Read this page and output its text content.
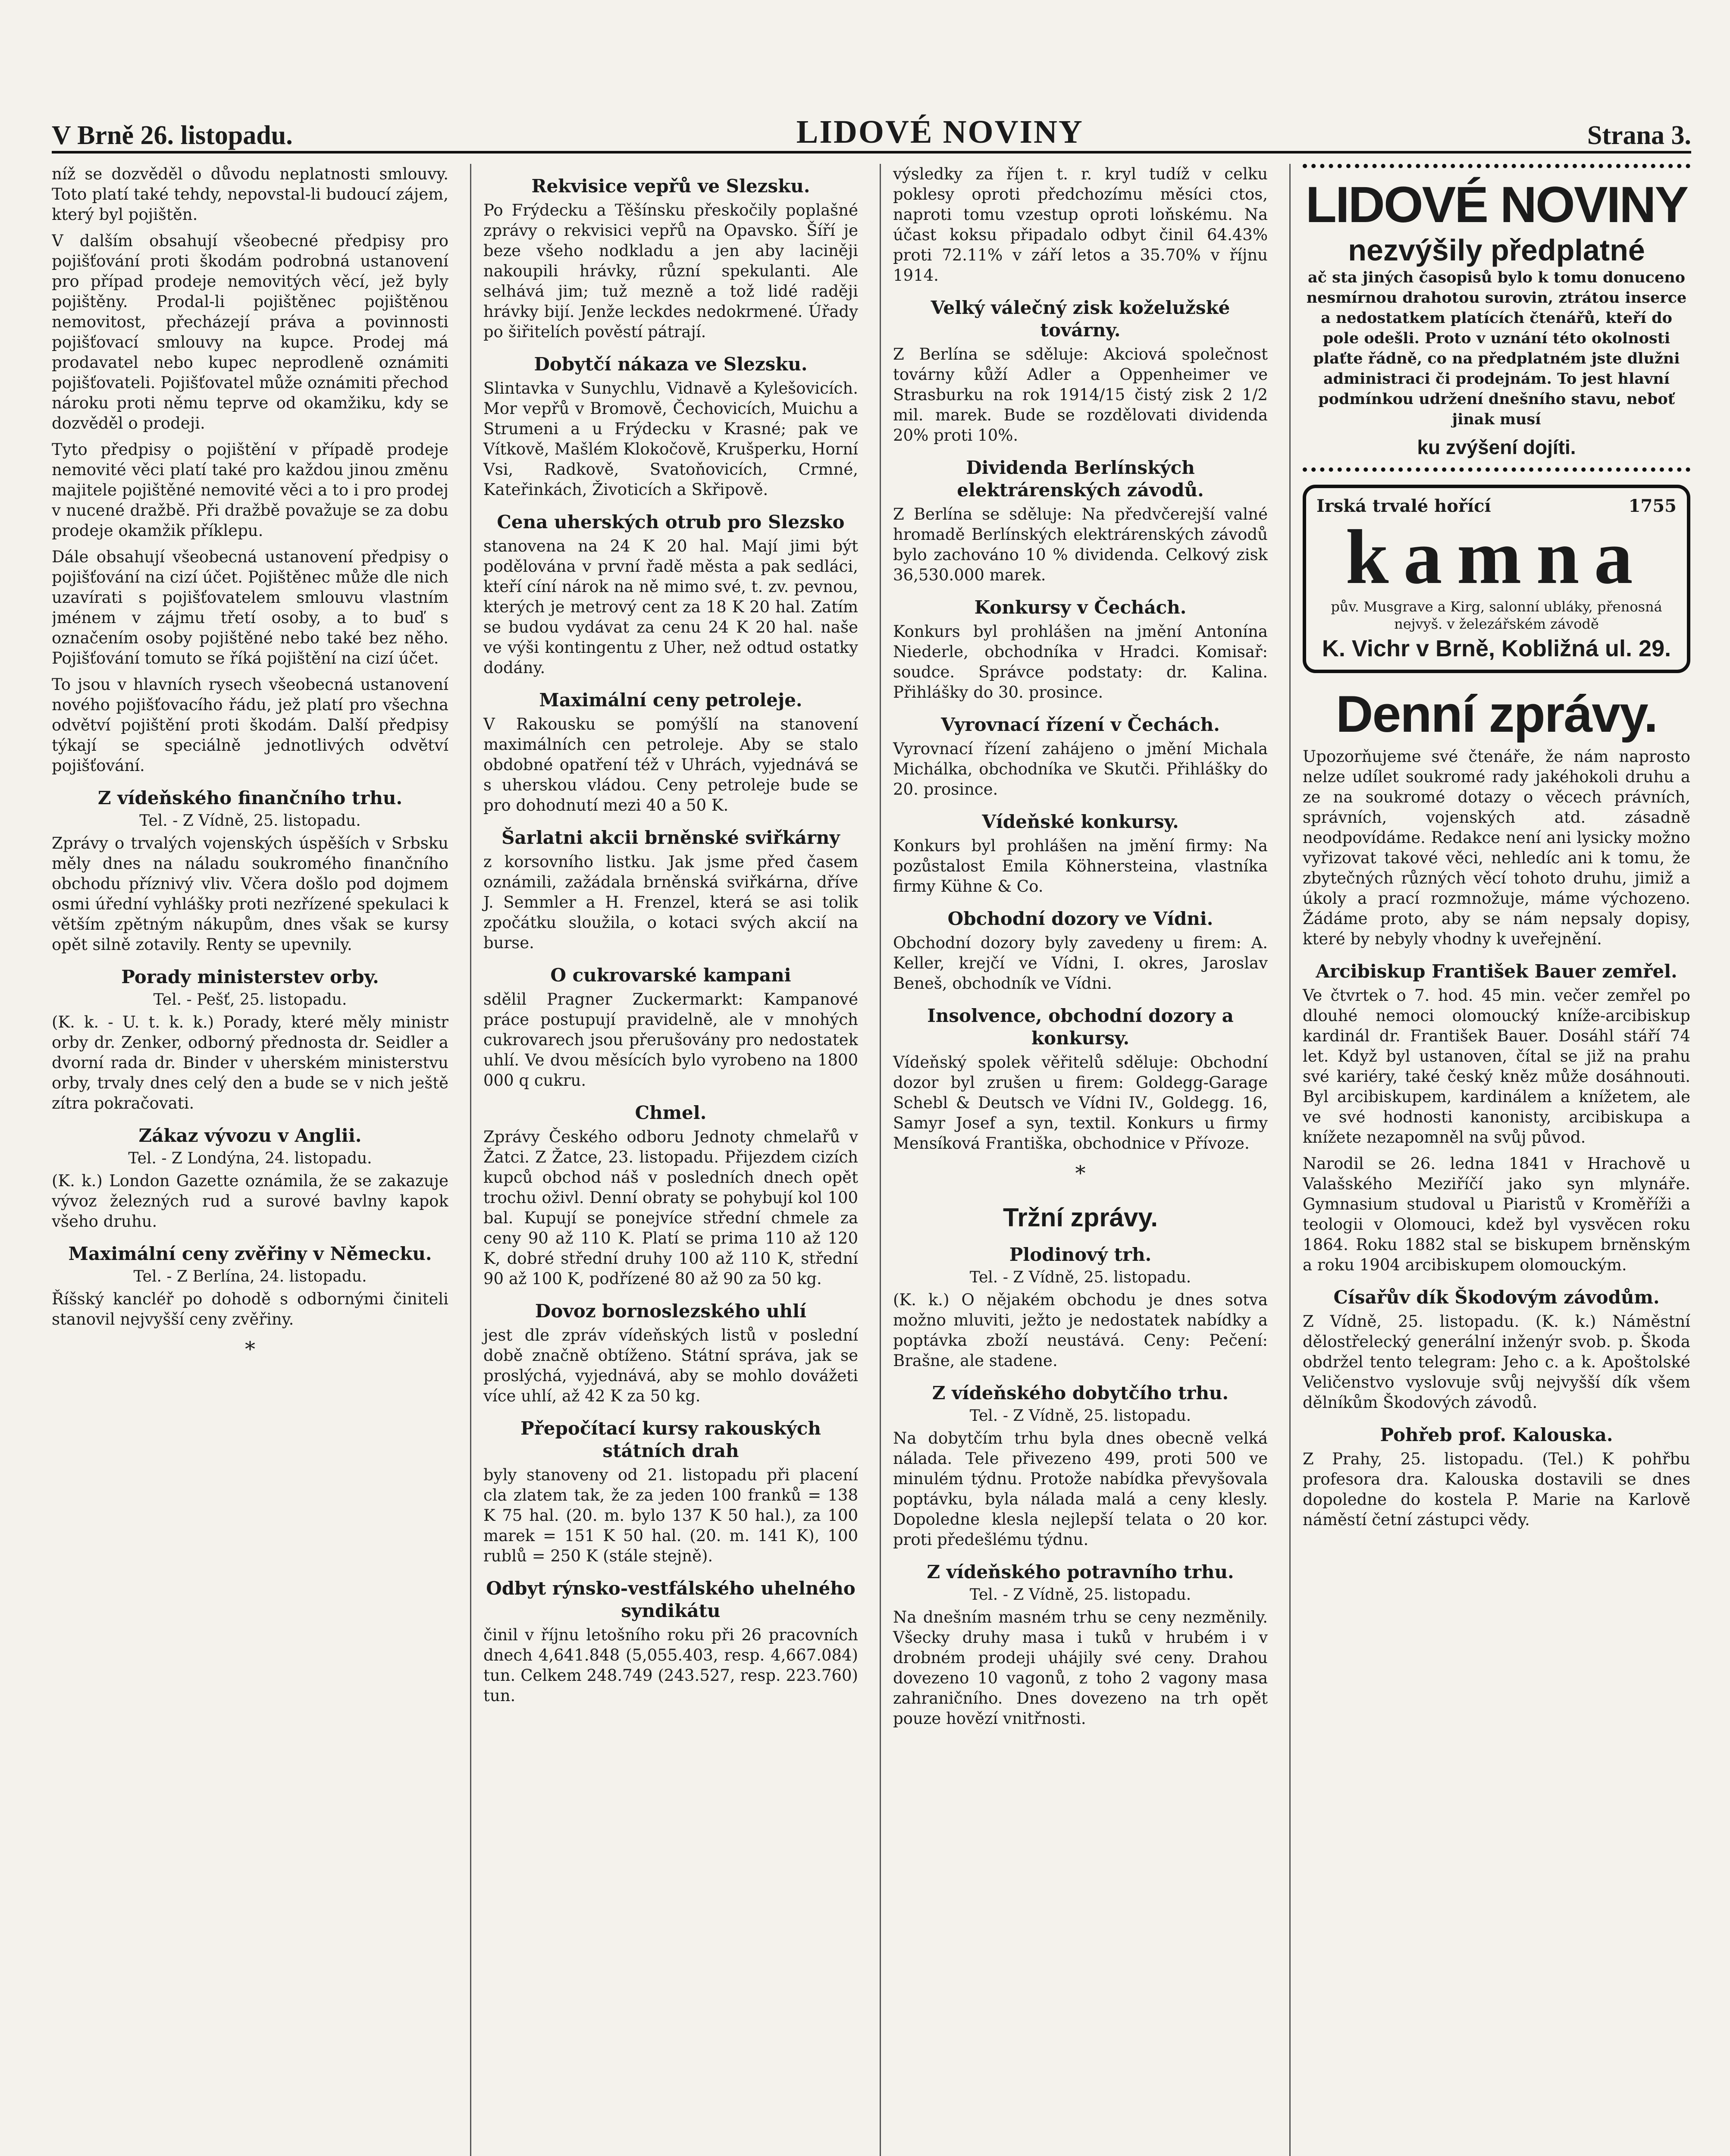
V Brně 26. listopadu.	LIDOVÉ NOVINY	Strana 3.

níž se dozvěděl o důvodu neplatnosti smlouvy. Toto platí také tehdy, nepovstal-li budoucí zájem, který byl pojištěn.

V dalším obsahují všeobecné předpisy pro pojišťování proti škodám podrobná ustanovení pro případ prodeje nemovitých věcí, jež byly pojištěny. Prodal-li pojištěnec pojištěnou nemovitost, přecházejí práva a povinnosti pojišťovací smlouvy na kupce. Prodej má prodavatel nebo kupec neprodleně oznámiti pojišťovateli. Pojišťovatel může oznámiti přechod nároku proti němu teprve od okamžiku, kdy se dozvěděl o prodeji.

Tyto předpisy o pojištění v případě prodeje nemovité věci platí také pro každou jinou změnu majitele pojištěné nemovité věci a to i pro prodej v nucené dražbě. Při dražbě považuje se za dobu prodeje okamžik příklepu.

Dále obsahují všeobecná ustanovení předpisy o pojišťování na cizí účet. Pojištěnec může dle nich uzavírati s pojišťovatelem smlouvu vlastním jménem v zájmu třetí osoby, a to buď s označením osoby pojištěné nebo také bez něho. Pojišťování tomuto se říká pojištění na cizí účet.

To jsou v hlavních rysech všeobecná ustanovení nového pojišťovacího řádu, jež platí pro všechna odvětví pojištění proti škodám. Další předpisy týkají se speciálně jednotlivých odvětví pojišťování.

Z vídeňského finančního trhu.
Tel. - Z Vídně, 25. listopadu.

Zprávy o trvalých vojenských úspěších v Srbsku měly dnes na náladu soukromého finančního obchodu příznivý vliv. Včera došlo pod dojmem osmi úřední vyhlášky proti nezřízené spekulaci k větším zpětným nákupům, dnes však se kursy opět silně zotavily. Renty se upevnily.

Porady ministerstev orby.
Tel. - Pešť, 25. listopadu.

(K. k. - U. t. k. k.) Porady, které měly ministr orby dr. Zenker, odborný přednosta dr. Seidler a dvorní rada dr. Binder v uherském ministerstvu orby, trvaly dnes celý den a bude se v nich ještě zítra pokračovati.

Zákaz vývozu v Anglii.
Tel. - Z Londýna, 24. listopadu.

(K. k.) London Gazette oznámila, že se zakazuje vývoz železných rud a surové bavlny kapok všeho druhu.

Maximální ceny zvěřiny v Německu.
Tel. - Z Berlína, 24. listopadu.

Říšský kancléř po dohodě s odbornými činiteli stanovil nejvyšší ceny zvěřiny.

*
Rekvisice vepřů ve Slezsku.

Po Frýdecku a Těšínsku přeskočily poplašné zprávy o rekvisici vepřů na Opavsko. Šíří je beze všeho nodkladu a jen aby laciněji nakoupili hrávky, různí spekulanti. Ale selhává jim; tuž mezně a tož lidé raději hrávky bijí. Jenže leckdes nedokrmené. Úřady po šiřitelích pověstí pátrají.

Dobytčí nákaza ve Slezsku.

Slintavka v Sunychlu, Vidnavě a Kylešovicích. Mor vepřů v Bromově, Čechovicích, Muichu a Strumeni a u Frýdecku v Krasné; pak ve Vítkově, Mašlém Klokočově, Krušperku, Horní Vsi, Radkově, Svatoňovicích, Crmné, Kateřinkách, Životicích a Skřipově.

Cena uherských otrub pro Slezsko

stanovena na 24 K 20 hal. Mají jimi být podělována v první řadě města a pak sedláci, kteří cíní nárok na ně mimo své, t. zv. pevnou, kterých je metrový cent za 18 K 20 hal. Zatím se budou vydávat za cenu 24 K 20 hal. naše ve výši kontingentu z Uher, než odtud ostatky dodány.

Maximální ceny petroleje.

V Rakousku se pomýšlí na stanovení maximálních cen petroleje. Aby se stalo obdobné opatření též v Uhrách, vyjednává se s uherskou vládou. Ceny petroleje bude se pro dohodnutí mezi 40 a 50 K.

Šarlatni akcii brněnské sviřkárny

z korsovního listku. Jak jsme před časem oznámili, zažádala brněnská sviřkárna, dříve J. Semmler a H. Frenzel, která se asi tolik zpočátku sloužila, o kotaci svých akcií na burse.

O cukrovarské kampani

sdělil Pragner Zuckermarkt: Kampanové práce postupují pravidelně, ale v mnohých cukrovarech jsou přerušovány pro nedostatek uhlí. Ve dvou měsících bylo vyrobeno na 1800 000 q cukru.

Chmel.

Zprávy Českého odboru Jednoty chmelařů v Žatci. Z Žatce, 23. listopadu. Přijezdem cizích kupců obchod náš v posledních dnech opět trochu oživl. Denní obraty se pohybují kol 100 bal. Kupují se ponejvíce střední chmele za ceny 90 až 110 K. Platí se prima 110 až 120 K, dobré střední druhy 100 až 110 K, střední 90 až 100 K, podřízené 80 až 90 za 50 kg.

Dovoz bornoslezského uhlí

jest dle zpráv vídeňských listů v poslední době značně obtíženo. Státní správa, jak se proslýchá, vyjednává, aby se mohlo dovážeti více uhlí, až 42 K za 50 kg.

Přepočítací kursy rakouských státních drah

byly stanoveny od 21. listopadu při placení cla zlatem tak, že za jeden 100 franků = 138 K 75 hal. (20. m. bylo 137 K 50 hal.), za 100 marek = 151 K 50 hal. (20. m. 141 K), 100 rublů = 250 K (stále stejně).

Odbyt rýnsko-vestfálského uhelného syndikátu

činil v říjnu letošního roku při 26 pracovních dnech 4,641.848 (5,055.403, resp. 4,667.084) tun. Celkem 248.749 (243.527, resp. 223.760) tun.

výsledky za říjen t. r. kryl tudíž v celku poklesy oproti předchozímu měsíci ctos, naproti tomu vzestup oproti loňskému. Na účast koksu připadalo odbyt činil 64.43% proti 72.11% v září letos a 35.70% v říjnu 1914.

Velký válečný zisk koželužské továrny.

Z Berlína se sděluje: Akciová společnost továrny kůží Adler a Oppenheimer ve Strasburku na rok 1914/15 čistý zisk 2 1/2 mil. marek. Bude se rozdělovati dividenda 20% proti 10%.

Dividenda Berlínských elektrárenských závodů.

Z Berlína se sděluje: Na předvčerejší valné hromadě Berlínských elektrárenských závodů bylo zachováno 10 % dividenda. Celkový zisk 36,530.000 marek.

Konkursy v Čechách.

Konkurs byl prohlášen na jmění Antonína Niederle, obchodníka v Hradci. Komisař: soudce. Správce podstaty: dr. Kalina. Přihlášky do 30. prosince.

Vyrovnací řízení v Čechách.

Vyrovnací řízení zahájeno o jmění Michala Michálka, obchodníka ve Skutči. Přihlášky do 20. prosince.

Vídeňské konkursy.

Konkurs byl prohlášen na jmění firmy: Na pozůstalost Emila Köhnersteina, vlastníka firmy Kühne & Co.

Obchodní dozory ve Vídni.

Obchodní dozory byly zavedeny u firem: A. Keller, krejčí ve Vídni, I. okres, Jaroslav Beneš, obchodník ve Vídni.

Insolvence, obchodní dozory a konkursy.

Vídeňský spolek věřitelů sděluje: Obchodní dozor byl zrušen u firem: Goldegg-Garage Schebl & Deutsch ve Vídni IV., Goldegg. 16, Samyr Josef a syn, textil. Konkurs u firmy Mensíková Františka, obchodnice v Přívoze.

*
Tržní zprávy.
Plodinový trh.
Tel. - Z Vídně, 25. listopadu.

(K. k.) O nějakém obchodu je dnes sotva možno mluviti, ježto je nedostatek nabídky a poptávka zboží neustává. Ceny: Pečení: Brašne, ale stadene.

Z vídeňského dobytčího trhu.
Tel. - Z Vídně, 25. listopadu.

Na dobytčím trhu byla dnes obecně velká nálada. Tele přivezeno 499, proti 500 ve minulém týdnu. Protože nabídka převyšovala poptávku, byla nálada malá a ceny klesly. Dopoledne klesla nejlepší telata o 20 kor. proti předešlému týdnu.

Z vídeňského potravního trhu.
Tel. - Z Vídně, 25. listopadu.

Na dnešním masném trhu se ceny nezměnily. Všecky druhy masa i tuků v hrubém i v drobném prodeji uhájily své ceny. Drahou dovezeno 10 vagonů, z toho 2 vagony masa zahraničního. Dnes dovezeno na trh opět pouze hovězí vnitřnosti.

LIDOVÉ NOVINY
nezvýšily předplatné

ač sta jiných časopisů bylo k tomu donuceno nesmírnou drahotou surovin, ztrátou inserce a nedostatkem platících čtenářů, kteří do pole odešli. Proto v uznání této okolnosti plaťte řádně, co na předplatném jste dlužni administraci či prodejnám. To jest hlavní podmínkou udržení dnešního stavu, neboť jinak musí

ku zvýšení dojíti.
Irská trvalé hořící	1755
kamna
pův. Musgrave a Kirg, salonní ubláky, přenosná nejvyš. v železářském závodě
K. Vichr v Brně, Kobližná ul. 29.
Denní zprávy.

Upozorňujeme své čtenáře, že nám naprosto nelze udílet soukromé rady jakéhokoli druhu a ze na soukromé dotazy o věcech právních, správních, vojenských atd. zásadně neodpovídáme. Redakce není ani lysicky možno vyřizovat takové věci, nehledíc ani k tomu, že zbytečných různých věcí tohoto druhu, jimiž a úkoly a prací rozmnožuje, máme výchozeno. Žádáme proto, aby se nám nepsaly dopisy, které by nebyly vhodny k uveřejnění.

Arcibiskup František Bauer zemřel.

Ve čtvrtek o 7. hod. 45 min. večer zemřel po dlouhé nemoci olomoucký kníže-arcibiskup kardinál dr. František Bauer. Dosáhl stáří 74 let. Když byl ustanoven, čítal se již na prahu své kariéry, také český kněz může dosáhnouti. Byl arcibiskupem, kardinálem a knížetem, ale ve své hodnosti kanonisty, arcibiskupa a knížete nezapomněl na svůj původ.

Narodil se 26. ledna 1841 v Hrachově u Valašského Meziříčí jako syn mlynáře. Gymnasium studoval u Piaristů v Kroměříži a teologii v Olomouci, kdež byl vysvěcen roku 1864. Roku 1882 stal se biskupem brněnským a roku 1904 arcibiskupem olomouckým.

Císařův dík Škodovým závodům.

Z Vídně, 25. listopadu. (K. k.) Náměstní dělostřelecký generální inženýr svob. p. Škoda obdržel tento telegram: Jeho c. a k. Apoštolské Veličenstvo vyslovuje svůj nejvyšší dík všem dělníkům Škodových závodů.

Pohřeb prof. Kalouska.

Z Prahy, 25. listopadu. (Tel.) K pohřbu profesora dra. Kalouska dostavili se dnes dopoledne do kostela P. Marie na Karlově náměstí četní zástupci vědy.
